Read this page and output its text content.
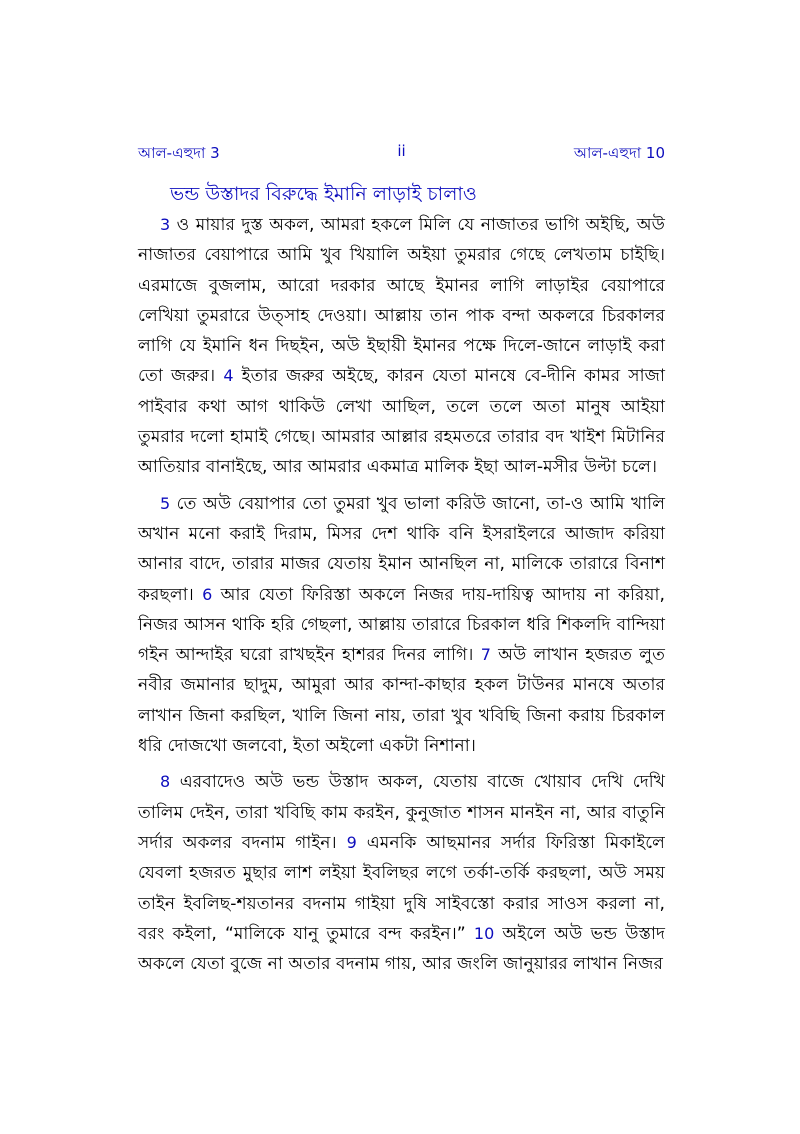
আল-এহুদা 3	ii	আল-এহুদা 10
ভন্ড উস্তাদর বিরুদ্ধে ইমানি লাড়াই চালাও

3 ও মায়ার দুস্ত অকল, আমরা হকলে মিলি যে নাজাতর ভাগি অইছি, অউ নাজাতর বেয়াপারে আমি খুব খিয়ালি অইয়া তুমরার গেছে লেখতাম চাইছি। এরমাজে বুজলাম, আরো দরকার আছে ইমানর লাগি লাড়াইর বেয়াপারে লেখিয়া তুমরারে উত্সাহ দেওয়া। আল্লায় তান পাক বন্দা অকলরে চিরকালর লাগি যে ইমানি ধন দিছইন, অউ ইছায়ী ইমানর পক্ষে দিলে-জানে লাড়াই করা তো জরুর। 4 ইতার জরুর অইছে, কারন যেতা মানষে বে-দীনি কামর সাজা পাইবার কথা আগ থাকিউ লেখা আছিল, তলে তলে অতা মানুষ আইয়া তুমরার দলো হামাই গেছে। আমরার আল্লার রহমতরে তারার বদ খাইশ মিটানির আতিয়ার বানাইছে, আর আমরার একমাত্র মালিক ইছা আল-মসীর উল্টা চলে।

5 তে অউ বেয়াপার তো তুমরা খুব ভালা করিউ জানো, তা-ও আমি খালি অখান মনো করাই দিরাম, মিসর দেশ থাকি বনি ইসরাইলরে আজাদ করিয়া আনার বাদে, তারার মাজর যেতায় ইমান আনছিল না, মালিকে তারারে বিনাশ করছলা। 6 আর যেতা ফিরিস্তা অকলে নিজর দায়-দায়িত্ব আদায় না করিয়া, নিজর আসন থাকি হরি গেছলা, আল্লায় তারারে চিরকাল ধরি শিকলদি বান্দিয়া গইন আন্দাইর ঘরো রাখছইন হাশরর দিনর লাগি। 7 অউ লাখান হজরত লুত নবীর জমানার ছাদুম, আমুরা আর কান্দা-কাছার হকল টাউনর মানষে অতার লাখান জিনা করছিল, খালি জিনা নায়, তারা খুব খবিছি জিনা করায় চিরকাল ধরি দোজখো জলবো, ইতা অইলো একটা নিশানা।

8 এরবাদেও অউ ভন্ড উস্তাদ অকল, যেতায় বাজে খোয়াব দেখি দেখি তালিম দেইন, তারা খবিছি কাম করইন, কুনুজাত শাসন মানইন না, আর বাতুনি সর্দার অকলর বদনাম গাইন। 9 এমনকি আছমানর সর্দার ফিরিস্তা মিকাইলে যেবলা হজরত মুছার লাশ লইয়া ইবলিছর লগে তর্কা-তর্কি করছলা, অউ সময় তাইন ইবলিছ-শয়তানর বদনাম গাইয়া দুষি সাইবস্তো করার সাওস করলা না, বরং কইলা, “মালিকে যানু তুমারে বন্দ করইন।” 10 অইলে অউ ভন্ড উস্তাদ অকলে যেতা বুজে না অতার বদনাম গায়, আর জংলি জানুয়ারর লাখান নিজর
